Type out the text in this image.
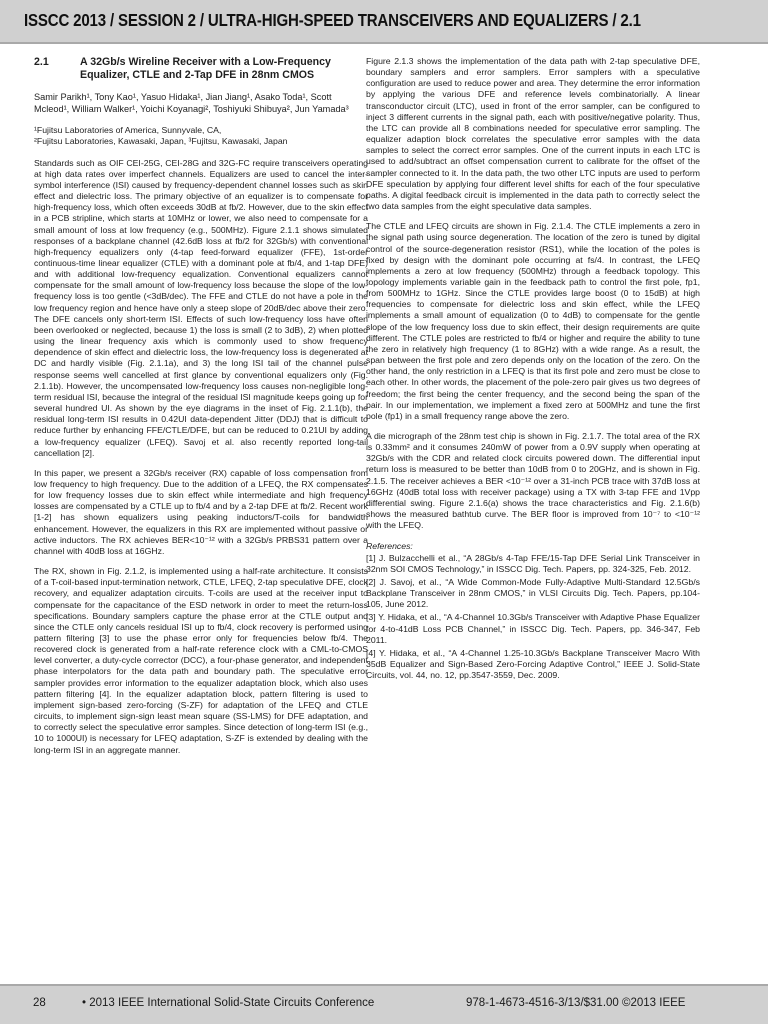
ISSCC 2013 / SESSION 2 / ULTRA-HIGH-SPEED TRANSCEIVERS AND EQUALIZERS / 2.1
2.1	A 32Gb/s Wireline Receiver with a Low-Frequency Equalizer, CTLE and 2-Tap DFE in 28nm CMOS
Samir Parikh¹, Tony Kao¹, Yasuo Hidaka¹, Jian Jiang¹, Asako Toda¹, Scott Mcleod¹, William Walker¹, Yoichi Koyanagi², Toshiyuki Shibuya², Jun Yamada³
¹Fujitsu Laboratories of America, Sunnyvale, CA,
²Fujitsu Laboratories, Kawasaki, Japan, ³Fujitsu, Kawasaki, Japan

Standards such as OIF CEI-25G, CEI-28G and 32G-FC require transceivers operating at high data rates over imperfect channels. Equalizers are used to cancel the inter-symbol interference (ISI) caused by frequency-dependent channel losses such as skin effect and dielectric loss. The primary objective of an equalizer is to compensate for high-frequency loss, which often exceeds 30dB at fb/2. However, due to the skin effect in a PCB stripline, which starts at 10MHz or lower, we also need to compensate for a small amount of loss at low frequency (e.g., 500MHz). Figure 2.1.1 shows simulated responses of a backplane channel (42.6dB loss at fb/2 for 32Gb/s) with conventional high-frequency equalizers only (4-tap feed-forward equalizer (FFE), 1st-order continuous-time linear equalizer (CTLE) with a dominant pole at fb/4, and 1-tap DFE) and with additional low-frequency equalization. Conventional equalizers cannot compensate for the small amount of low-frequency loss because the slope of the low-frequency loss is too gentle (<3dB/dec). The FFE and CTLE do not have a pole in the low frequency region and hence have only a steep slope of 20dB/dec above their zero. The DFE cancels only short-term ISI. Effects of such low-frequency loss have often been overlooked or neglected, because 1) the loss is small (2 to 3dB), 2) when plotted using the linear frequency axis which is commonly used to show frequency dependence of skin effect and dielectric loss, the low-frequency loss is degenerated at DC and hardly visible (Fig. 2.1.1a), and 3) the long ISI tail of the channel pulse response seems well cancelled at first glance by conventional equalizers only (Fig. 2.1.1b). However, the uncompensated low-frequency loss causes non-negligible long-term residual ISI, because the integral of the residual ISI magnitude keeps going up for several hundred UI. As shown by the eye diagrams in the inset of Fig. 2.1.1(b), the residual long-term ISI results in 0.42UI data-dependent Jitter (DDJ) that is difficult to reduce further by enhancing FFE/CTLE/DFE, but can be reduced to 0.21UI by adding a low-frequency equalizer (LFEQ). Savoj et al. also recently reported long-tail cancellation [2].

In this paper, we present a 32Gb/s receiver (RX) capable of loss compensation from low frequency to high frequency. Due to the addition of a LFEQ, the RX compensates for low frequency losses due to skin effect while intermediate and high frequency losses are compensated by a CTLE up to fb/4 and by a 2-tap DFE at fb/2. Recent work [1-2] has shown equalizers using peaking inductors/T-coils for bandwidth enhancement. However, the equalizers in this RX are implemented without passive or active inductors. The RX achieves BER<10⁻¹² with a 32Gb/s PRBS31 pattern over a channel with 40dB loss at 16GHz.

The RX, shown in Fig. 2.1.2, is implemented using a half-rate architecture. It consists of a T-coil-based input-termination network, CTLE, LFEQ, 2-tap speculative DFE, clock recovery, and equalizer adaptation circuits. T-coils are used at the receiver input to compensate for the capacitance of the ESD network in order to meet the return-loss specifications. Boundary samplers capture the phase error at the CTLE output and since the CTLE only cancels residual ISI up to fb/4, clock recovery is performed using pattern filtering [3] to use the phase error only for frequencies below fb/4. The recovered clock is generated from a half-rate reference clock with a CML-to-CMOS level converter, a duty-cycle corrector (DCC), a four-phase generator, and independent phase interpolators for the data path and boundary path. The speculative error sampler provides error information to the equalizer adaptation block, which also uses pattern filtering [4]. In the equalizer adaptation block, pattern filtering is used to implement sign-based zero-forcing (S-ZF) for adaptation of the LFEQ and CTLE circuits, to implement sign-sign least mean square (SS-LMS) for DFE adaptation, and to correctly select the speculative error samples. Since detection of long-term ISI (e.g., 10 to 1000UI) is necessary for LFEQ adaptation, S-ZF is extended by dealing with the long-term ISI in an aggregate manner.

Figure 2.1.3 shows the implementation of the data path with 2-tap speculative DFE, boundary samplers and error samplers. Error samplers with a speculative configuration are used to reduce power and area. They determine the error information by applying the various DFE and reference levels combinatorially. A linear transconductor circuit (LTC), used in front of the error sampler, can be configured to inject 3 different currents in the signal path, each with positive/negative polarity. Thus, the LTC can provide all 8 combinations needed for speculative error sampling. The equalizer adaption block correlates the speculative error samples with the data samples to select the correct error samples. One of the current inputs in each LTC is used to add/subtract an offset compensation current to calibrate for the offset of the sampler connected to it. In the data path, the two other LTC inputs are used to perform DFE speculation by applying four different level shifts for each of the four speculative paths. A digital feedback circuit is implemented in the data path to correctly select the two data samples from the eight speculative data samples.

The CTLE and LFEQ circuits are shown in Fig. 2.1.4. The CTLE implements a zero in the signal path using source degeneration. The location of the zero is tuned by digital control of the source-degeneration resistor (RS1), while the location of the poles is fixed by design with the dominant pole occurring at fs/4. In contrast, the LFEQ implements a zero at low frequency (500MHz) through a feedback topology. This topology implements variable gain in the feedback path to control the first pole, fp1, from 500MHz to 1GHz. Since the CTLE provides large boost (0 to 15dB) at high frequencies to compensate for dielectric loss and skin effect, while the LFEQ implements a small amount of equalization (0 to 4dB) to compensate for the gentle slope of the low frequency loss due to skin effect, their design requirements are quite different. The CTLE poles are restricted to fb/4 or higher and require the ability to tune the zero in relatively high frequency (1 to 8GHz) with a wide range. As a result, the span between the first pole and zero depends only on the location of the zero. On the other hand, the only restriction in a LFEQ is that its first pole and zero must be close to each other. In other words, the placement of the pole-zero pair gives us two degrees of freedom; the first being the center frequency, and the second being the span of the pair. In our implementation, we implement a fixed zero at 500MHz and tune the first pole (fp1) in a small frequency range above the zero.

A die micrograph of the 28nm test chip is shown in Fig. 2.1.7. The total area of the RX is 0.33mm² and it consumes 240mW of power from a 0.9V supply when operating at 32Gb/s with the CDR and related clock circuits powered down. The differential input return loss is measured to be better than 10dB from 0 to 20GHz, and is shown in Fig. 2.1.5. The receiver achieves a BER <10⁻¹² over a 31-inch PCB trace with 37dB loss at 16GHz (40dB total loss with receiver package) using a TX with 3-tap FFE and 1Vpp differential swing. Figure 2.1.6(a) shows the trace characteristics and Fig. 2.1.6(b) shows the measured bathtub curve. The BER floor is improved from 10⁻⁷ to <10⁻¹² with the LFEQ.

References:
[1] J. Bulzacchelli et al., “A 28Gb/s 4-Tap FFE/15-Tap DFE Serial Link Transceiver in 32nm SOI CMOS Technology,” in ISSCC Dig. Tech. Papers, pp. 324-325, Feb. 2012.
[2] J. Savoj, et al., “A Wide Common-Mode Fully-Adaptive Multi-Standard 12.5Gb/s Backplane Transceiver in 28nm CMOS,” in VLSI Circuits Dig. Tech. Papers, pp.104-105, June 2012.
[3] Y. Hidaka, et al., “A 4-Channel 10.3Gb/s Transceiver with Adaptive Phase Equalizer for 4-to-41dB Loss PCB Channel,” in ISSCC Dig. Tech. Papers, pp. 346-347, Feb 2011.
[4] Y. Hidaka, et al., “A 4-Channel 1.25-10.3Gb/s Backplane Transceiver Macro With 35dB Equalizer and Sign-Based Zero-Forcing Adaptive Control,” IEEE J. Solid-State Circuits, vol. 44, no. 12, pp.3547-3559, Dec. 2009.
28	• 2013 IEEE International Solid-State Circuits Conference	978-1-4673-4516-3/13/$31.00 ©2013 IEEE
